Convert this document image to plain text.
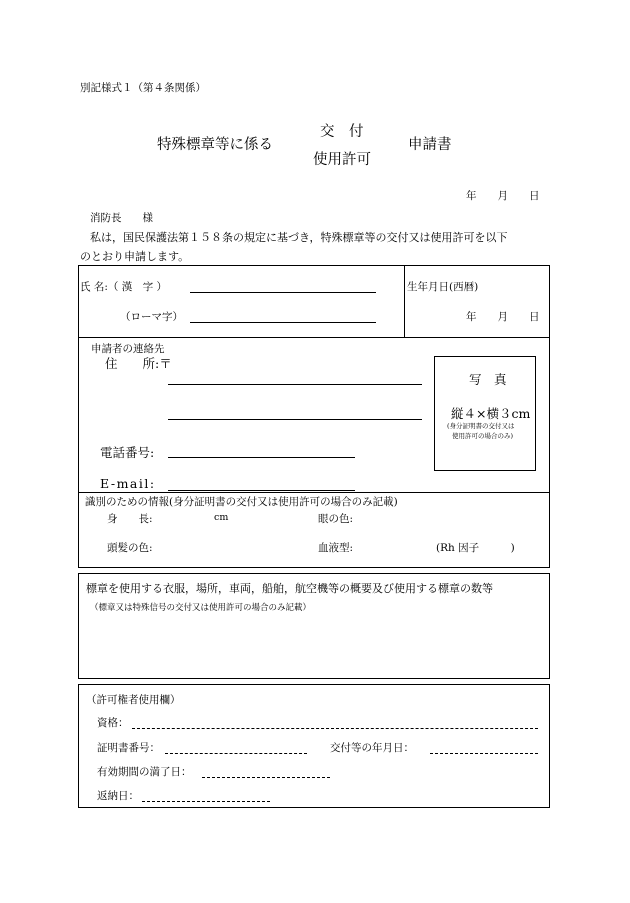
別記様式１（第４条関係）
特殊標章等に係る
交　付
使用許可
申請書
年　　月　　日
消防長　　様
私は，国民保護法第１５８条の規定に基づき，特殊標章等の交付又は使用許可を以下
のとおり申請します。
氏 名:（ 漢　字 ）
（ローマ字）
生年月日(西暦)
年　　月　　日
申請者の連絡先
住　　所:〒
電話番号:
E-mail:
写　真
縦４×横３cm
(身分証明書の交付又は
使用許可の場合のみ)
識別のための情報(身分証明書の交付又は使用許可の場合のみ記載)
身　　長:	cm	眼の色:
頭髪の色:	血液型:	(Rh 因子　　　)
標章を使用する衣服，場所，車両，船舶，航空機等の概要及び使用する標章の数等
（標章又は特殊信号の交付又は使用許可の場合のみ記載）
（許可権者使用欄）
資格：
証明書番号：	交付等の年月日：
有効期間の満了日：
返納日：
